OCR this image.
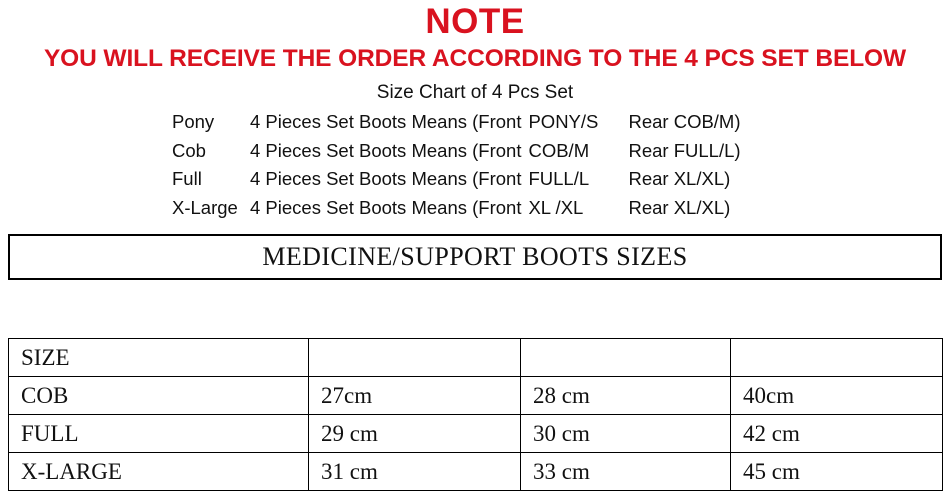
NOTE
YOU WILL RECEIVE THE ORDER ACCORDING TO THE 4 PCS SET BELOW
Size Chart of 4 Pcs Set
Pony	4 Pieces Set Boots Means (Front PONY/S	Rear COB/M)
Cob	4 Pieces Set Boots Means (Front COB/M	Rear FULL/L)
Full	4 Pieces Set Boots Means (Front FULL/L	Rear XL/XL)
X-Large 4 Pieces Set Boots Means (Front XL /XL	Rear XL/XL)
MEDICINE/SUPPORT BOOTS SIZES
SIZE			
COB	27cm	28 cm	40cm
FULL	29 cm	30 cm	42 cm
X-LARGE	31 cm	33 cm	45 cm
